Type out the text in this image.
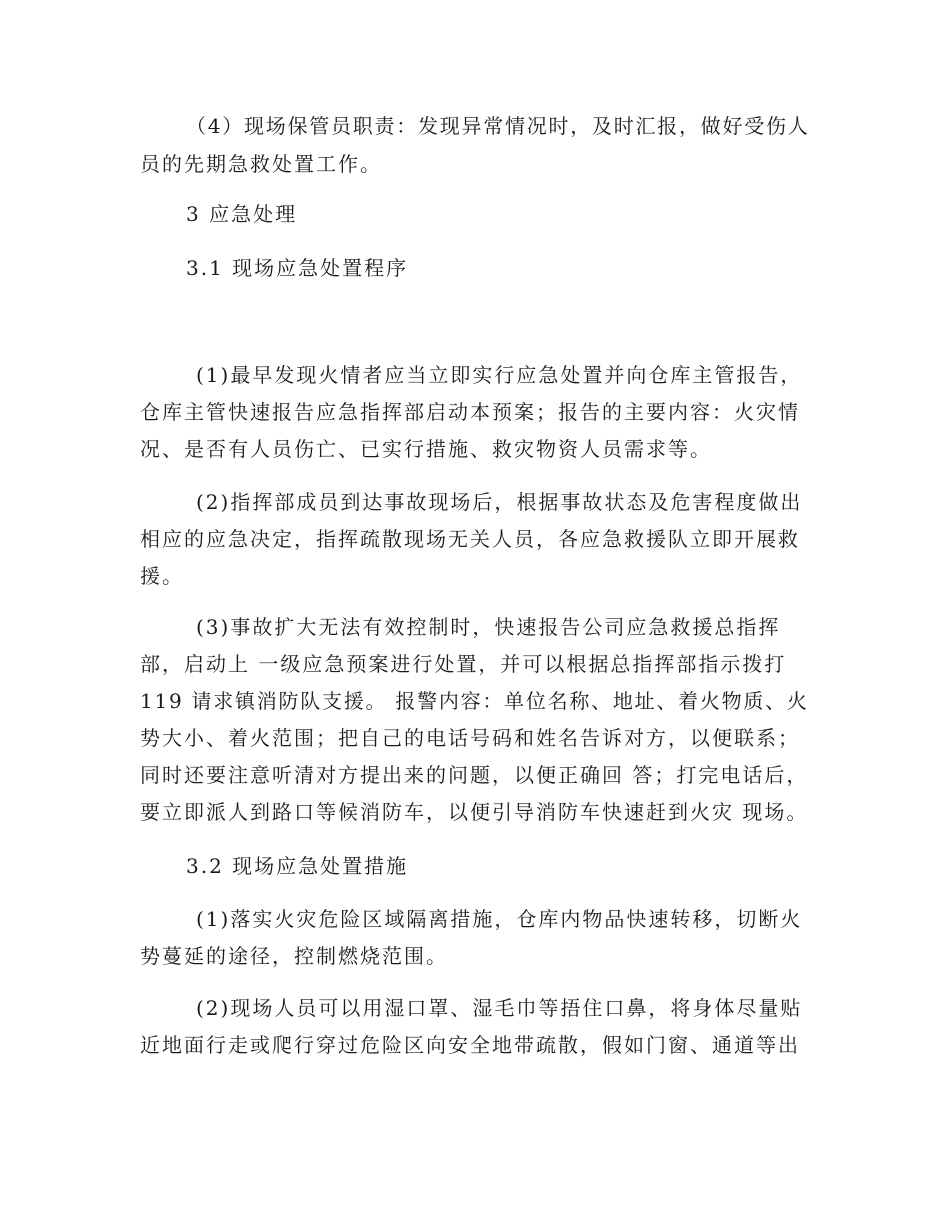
（4）现场保管员职责：发现异常情况时，及时汇报，做好受伤人
员的先期急救处置工作。
3 应急处理
3.1 现场应急处置程序
(1)最早发现火情者应当立即实行应急处置并向仓库主管报告，
仓库主管快速报告应急指挥部启动本预案；报告的主要内容：火灾情
况、是否有人员伤亡、已实行措施、救灾物资人员需求等。
(2)指挥部成员到达事故现场后，根据事故状态及危害程度做出
相应的应急决定，指挥疏散现场无关人员，各应急救援队立即开展救
援。
(3)事故扩大无法有效控制时，快速报告公司应急救援总指挥
部，启动上 一级应急预案进行处置，并可以根据总指挥部指示拨打
119 请求镇消防队支援。 报警内容：单位名称、地址、着火物质、火
势大小、着火范围；把自己的电话号码和姓名告诉对方，以便联系；
同时还要注意听清对方提出来的问题，以便正确回 答；打完电话后，
要立即派人到路口等候消防车，以便引导消防车快速赶到火灾 现场。
3.2 现场应急处置措施
(1)落实火灾危险区域隔离措施，仓库内物品快速转移，切断火
势蔓延的途径，控制燃烧范围。
(2)现场人员可以用湿口罩、湿毛巾等捂住口鼻，将身体尽量贴
近地面行走或爬行穿过危险区向安全地带疏散，假如门窗、通道等出
